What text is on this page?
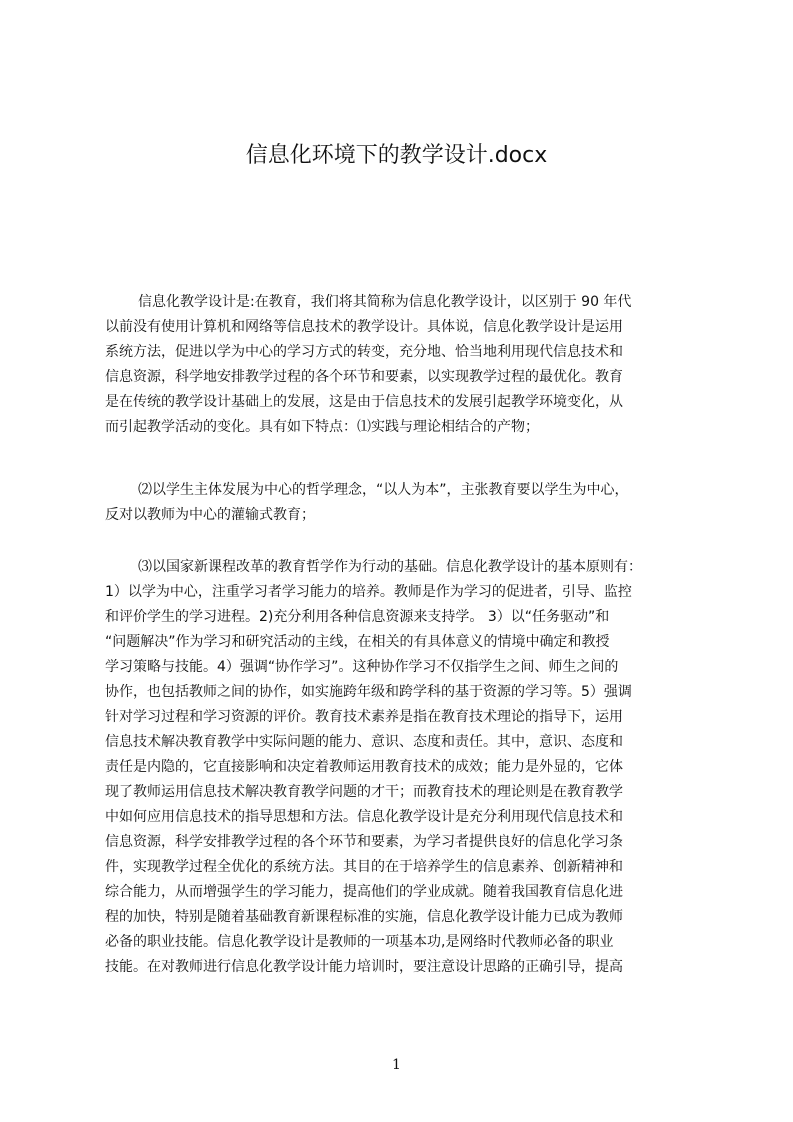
信息化环境下的教学设计.docx
信息化教学设计是:在教育，我们将其简称为信息化教学设计，以区别于 90 年代
以前没有使用计算机和网络等信息技术的教学设计。具体说，信息化教学设计是运用
系统方法，促进以学为中心的学习方式的转变，充分地、恰当地利用现代信息技术和
信息资源，科学地安排教学过程的各个环节和要素，以实现教学过程的最优化。教育
是在传统的教学设计基础上的发展，这是由于信息技术的发展引起教学环境变化，从
而引起教学活动的变化。具有如下特点：⑴实践与理论相结合的产物；
⑵以学生主体发展为中心的哲学理念，“以人为本”，主张教育要以学生为中心，
反对以教师为中心的灌输式教育；
⑶以国家新课程改革的教育哲学作为行动的基础。信息化教学设计的基本原则有：
1）以学为中心，注重学习者学习能力的培养。教师是作为学习的促进者，引导、监控
和评价学生的学习进程。2)充分利用各种信息资源来支持学。 3）以“任务驱动”和
“问题解决”作为学习和研究活动的主线，在相关的有具体意义的情境中确定和教授
学习策略与技能。4）强调“协作学习”。这种协作学习不仅指学生之间、师生之间的
协作，也包括教师之间的协作，如实施跨年级和跨学科的基于资源的学习等。5）强调
针对学习过程和学习资源的评价。教育技术素养是指在教育技术理论的指导下，运用
信息技术解决教育教学中实际问题的能力、意识、态度和责任。其中，意识、态度和
责任是内隐的，它直接影响和决定着教师运用教育技术的成效；能力是外显的，它体
现了教师运用信息技术解决教育教学问题的才干；而教育技术的理论则是在教育教学
中如何应用信息技术的指导思想和方法。信息化教学设计是充分利用现代信息技术和
信息资源，科学安排教学过程的各个环节和要素，为学习者提供良好的信息化学习条
件，实现教学过程全优化的系统方法。其目的在于培养学生的信息素养、创新精神和
综合能力，从而增强学生的学习能力，提高他们的学业成就。随着我国教育信息化进
程的加快，特别是随着基础教育新课程标准的实施，信息化教学设计能力已成为教师
必备的职业技能。信息化教学设计是教师的一项基本功,是网络时代教师必备的职业
技能。在对教师进行信息化教学设计能力培训时，要注意设计思路的正确引导，提高
1
